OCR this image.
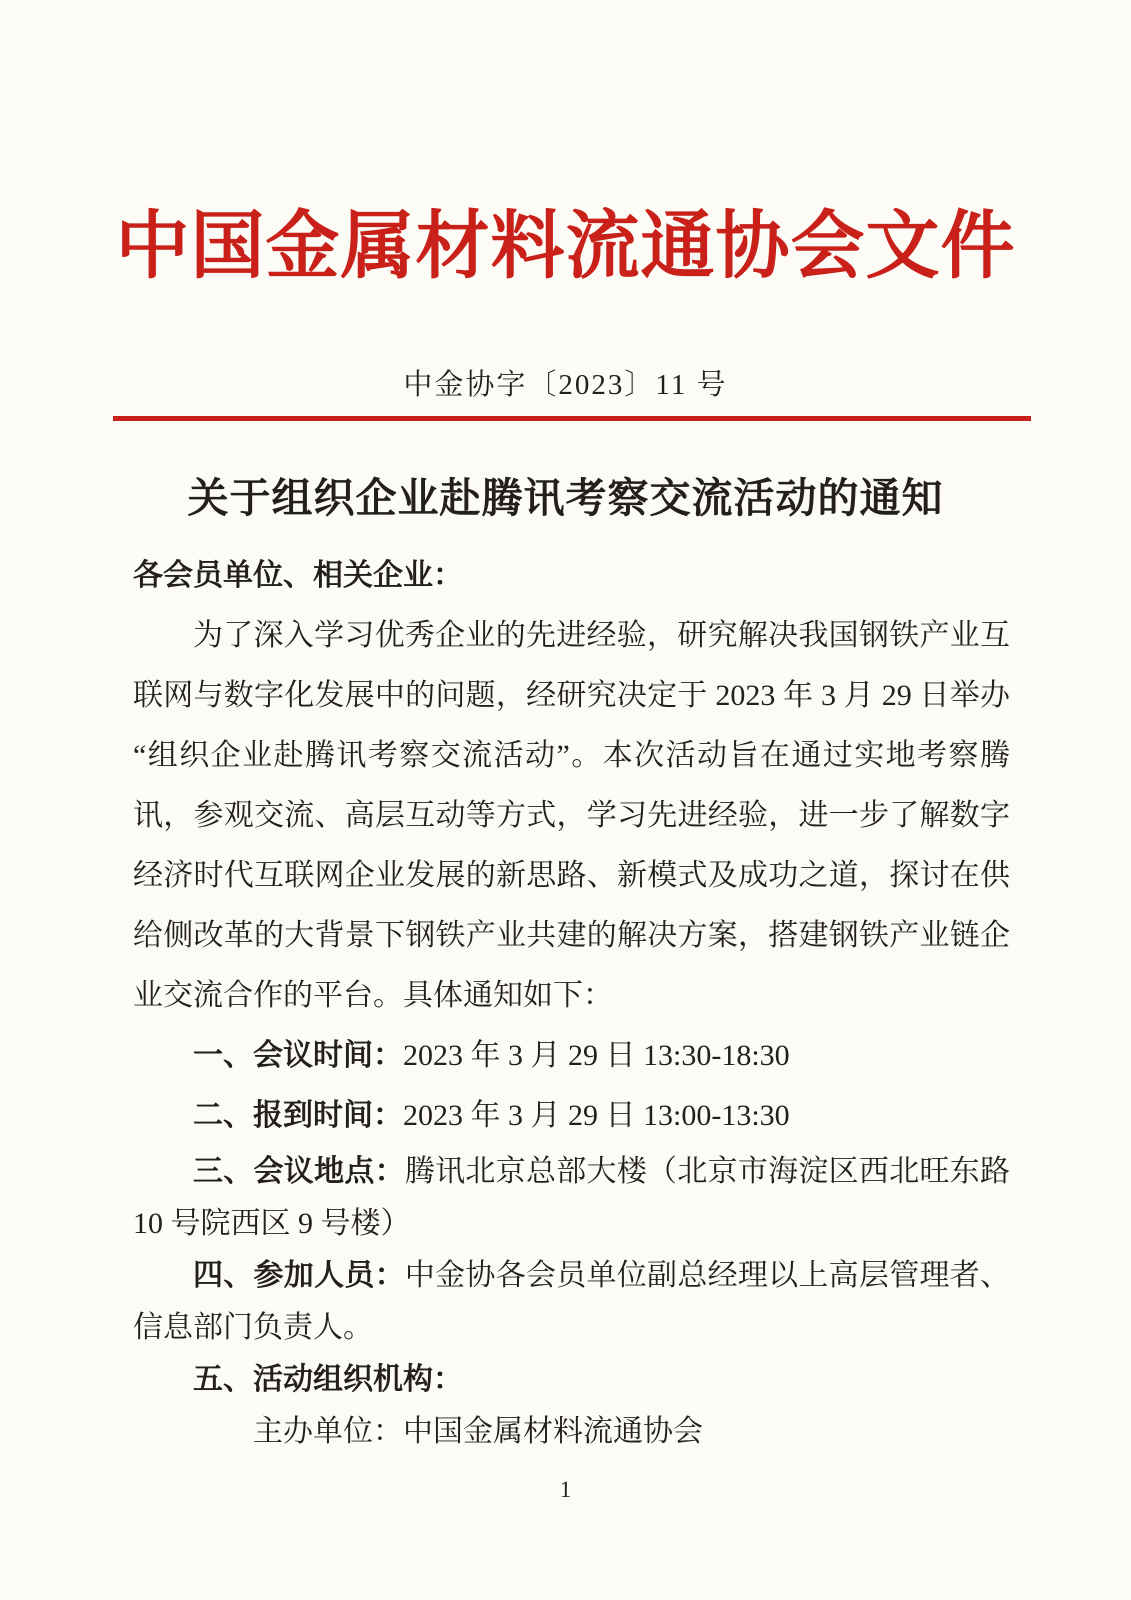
中国金属材料流通协会文件
中金协字〔2023〕11 号
关于组织企业赴腾讯考察交流活动的通知
各会员单位、相关企业：
为了深入学习优秀企业的先进经验，研究解决我国钢铁产业互
联网与数字化发展中的问题，经研究决定于 2023 年 3 月 29 日举办
“组织企业赴腾讯考察交流活动”。本次活动旨在通过实地考察腾
讯，参观交流、高层互动等方式，学习先进经验，进一步了解数字
经济时代互联网企业发展的新思路、新模式及成功之道，探讨在供
给侧改革的大背景下钢铁产业共建的解决方案，搭建钢铁产业链企
业交流合作的平台。具体通知如下：
一、会议时间：2023 年 3 月 29 日 13:30-18:30
二、报到时间：2023 年 3 月 29 日 13:00-13:30
三、会议地点：腾讯北京总部大楼（北京市海淀区西北旺东路
10 号院西区 9 号楼）
四、参加人员：中金协各会员单位副总经理以上高层管理者、
信息部门负责人。
五、活动组织机构：
主办单位：中国金属材料流通协会
1
